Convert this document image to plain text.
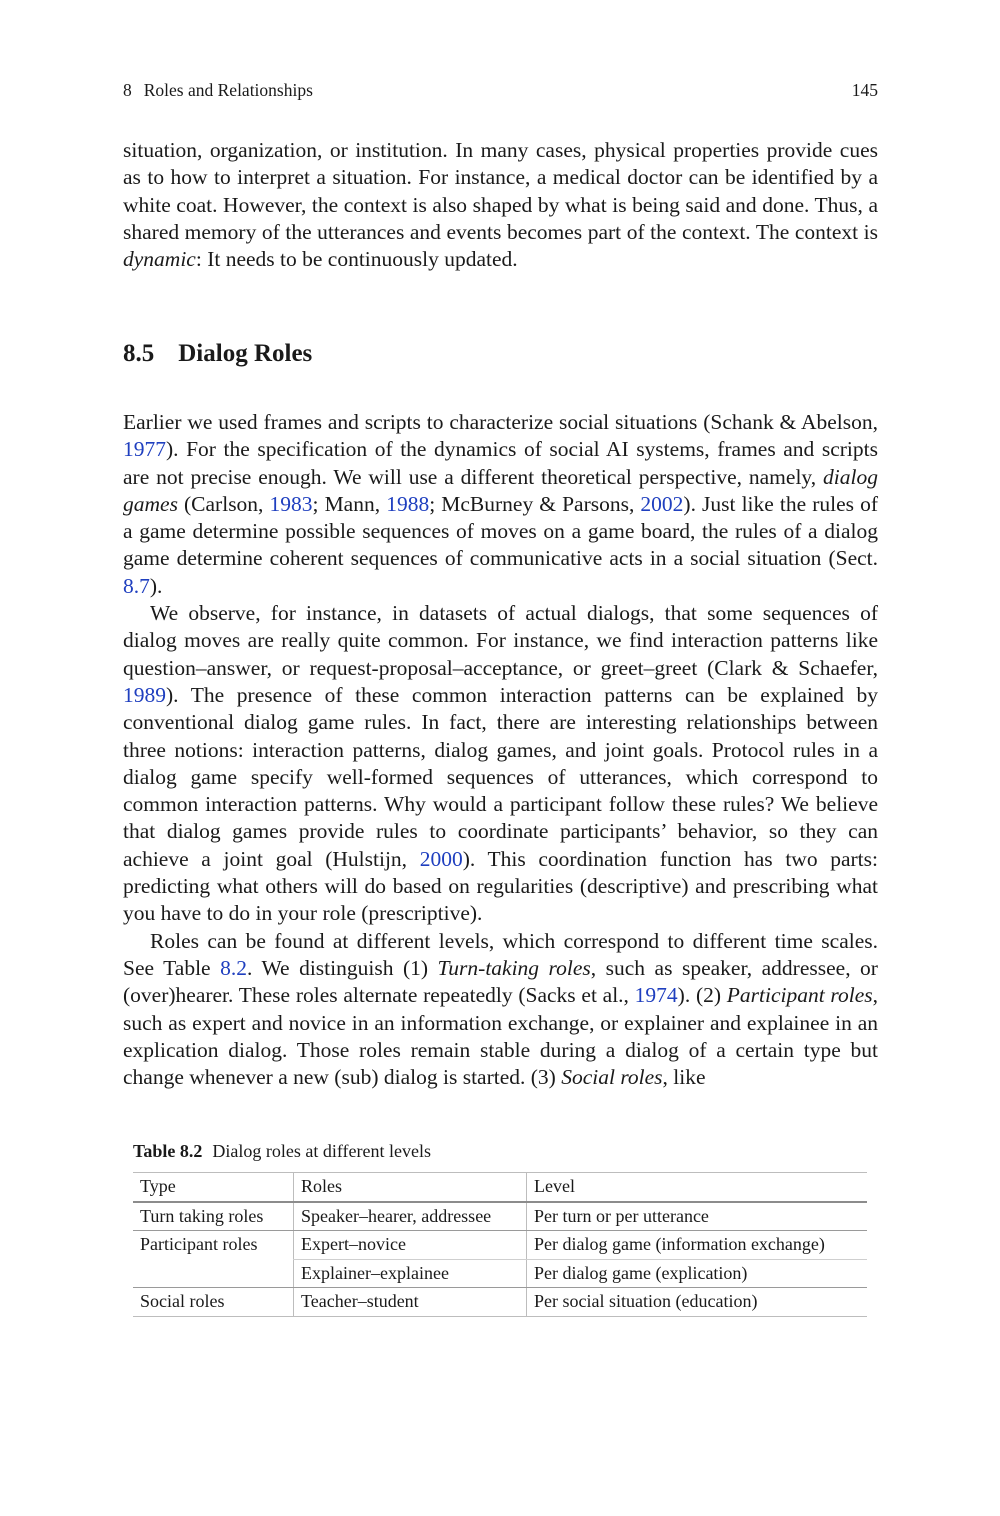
8 Roles and Relationships	145

situation, organization, or institution. In many cases, physical properties provide cues as to how to interpret a situation. For instance, a medical doctor can be identified by a white coat. However, the context is also shaped by what is being said and done. Thus, a shared memory of the utterances and events becomes part of the context. The context is dynamic: It needs to be continuously updated.

8.5 Dialog Roles

Earlier we used frames and scripts to characterize social situations (Schank & Abelson, 1977). For the specification of the dynamics of social AI systems, frames and scripts are not precise enough. We will use a different theoretical perspective, namely, dialog games (Carlson, 1983; Mann, 1988; McBurney & Parsons, 2002). Just like the rules of a game determine possible sequences of moves on a game board, the rules of a dialog game determine coherent sequences of communicative acts in a social situation (Sect. 8.7).

We observe, for instance, in datasets of actual dialogs, that some sequences of dialog moves are really quite common. For instance, we find interaction patterns like question–answer, or request-proposal–acceptance, or greet–greet (Clark & Schaefer, 1989). The presence of these common interaction patterns can be explained by conventional dialog game rules. In fact, there are interesting relationships between three notions: interaction patterns, dialog games, and joint goals. Protocol rules in a dialog game specify well-formed sequences of utterances, which correspond to common interaction patterns. Why would a participant follow these rules? We believe that dialog games provide rules to coordinate participants’ behavior, so they can achieve a joint goal (Hulstijn, 2000). This coordination function has two parts: predicting what others will do based on regularities (descriptive) and prescribing what you have to do in your role (prescriptive).

Roles can be found at different levels, which correspond to different time scales. See Table 8.2. We distinguish (1) Turn-taking roles, such as speaker, addressee, or (over)hearer. These roles alternate repeatedly (Sacks et al., 1974). (2) Participant roles, such as expert and novice in an information exchange, or explainer and explainee in an explication dialog. Those roles remain stable during a dialog of a certain type but change whenever a new (sub) dialog is started. (3) Social roles, like

Table 8.2 Dialog roles at different levels
Type	Roles	Level
Turn taking roles	Speaker–hearer, addressee	Per turn or per utterance
Participant roles	Expert–novice	Per dialog game (information exchange)
	Explainer–explainee	Per dialog game (explication)
Social roles	Teacher–student	Per social situation (education)
